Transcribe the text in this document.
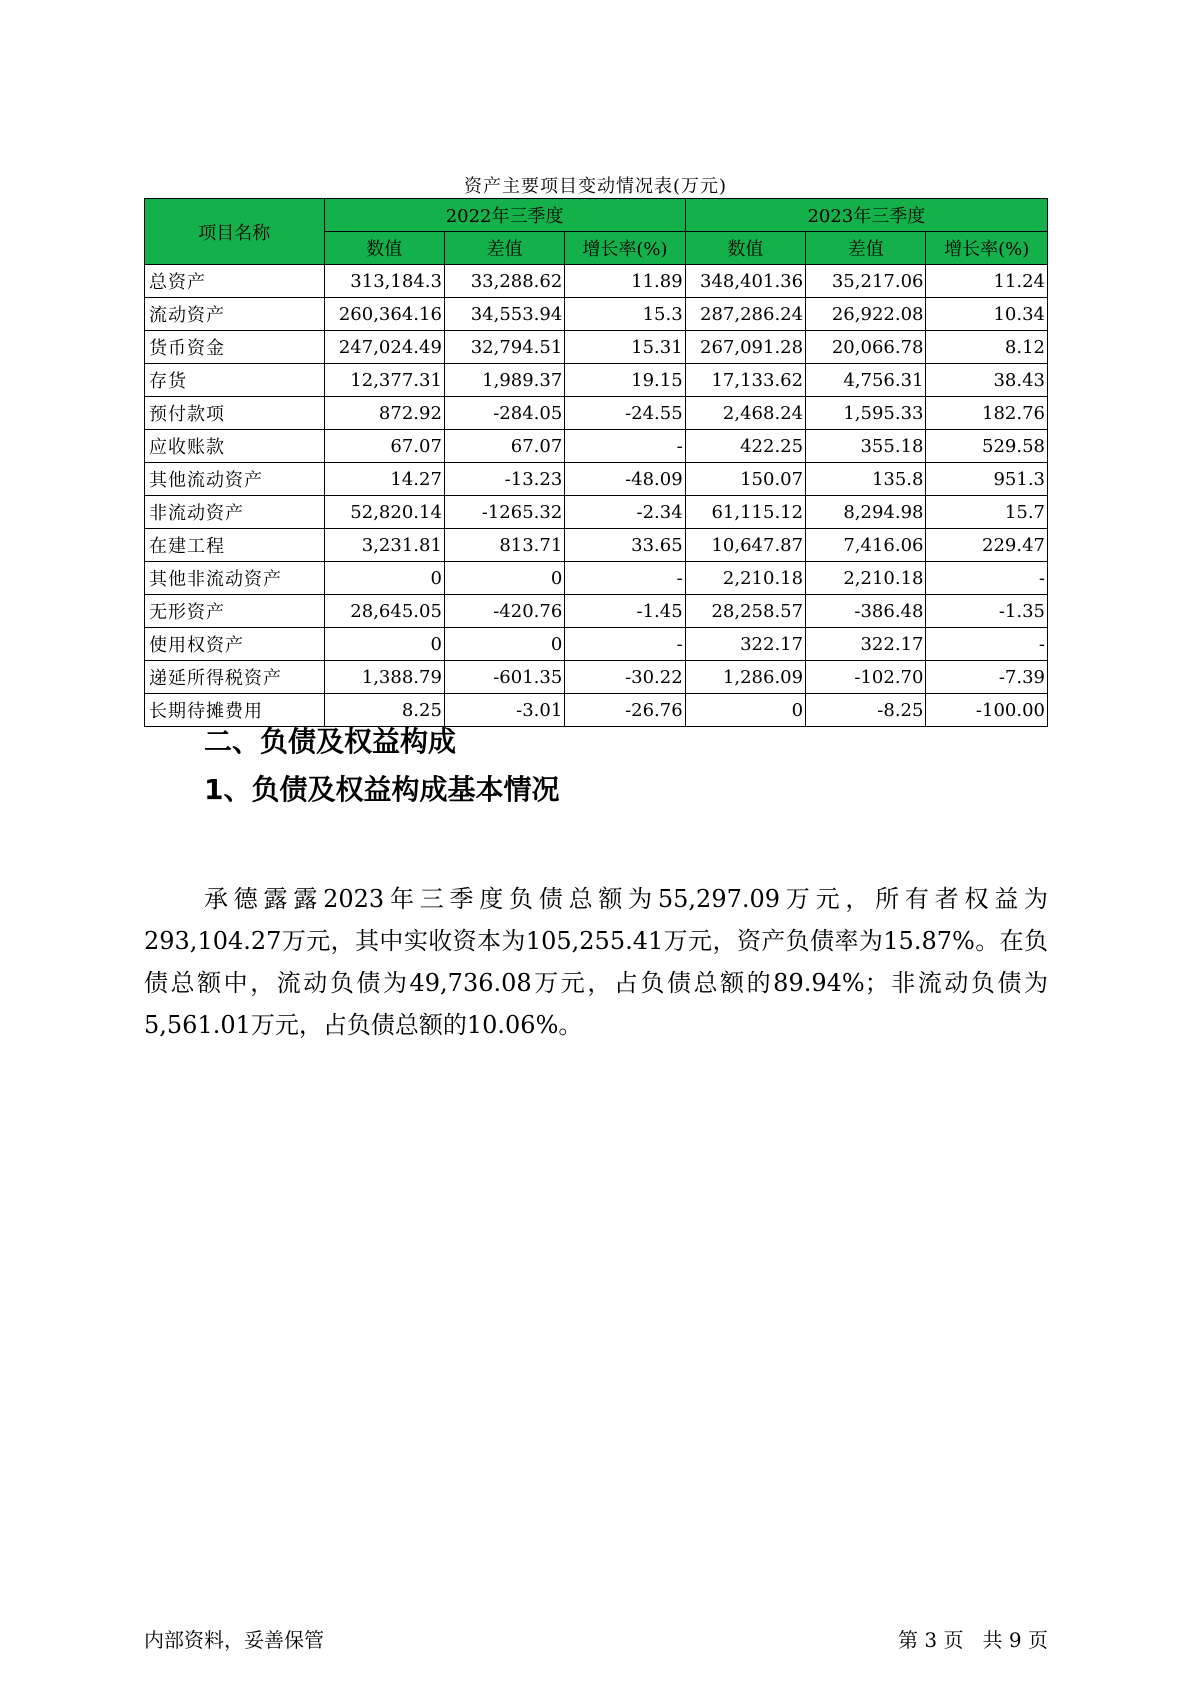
资产主要项目变动情况表(万元)
项目名称	2022年三季度			2023年三季度		
	数值	差值	增长率(%)	数值	差值	增长率(%)
总资产	313,184.3	33,288.62	11.89	348,401.36	35,217.06	11.24
流动资产	260,364.16	34,553.94	15.3	287,286.24	26,922.08	10.34
货币资金	247,024.49	32,794.51	15.31	267,091.28	20,066.78	8.12
存货	12,377.31	1,989.37	19.15	17,133.62	4,756.31	38.43
预付款项	872.92	-284.05	-24.55	2,468.24	1,595.33	182.76
应收账款	67.07	67.07	-	422.25	355.18	529.58
其他流动资产	14.27	-13.23	-48.09	150.07	135.8	951.3
非流动资产	52,820.14	-1265.32	-2.34	61,115.12	8,294.98	15.7
在建工程	3,231.81	813.71	33.65	10,647.87	7,416.06	229.47
其他非流动资产	0	0	-	2,210.18	2,210.18	-
无形资产	28,645.05	-420.76	-1.45	28,258.57	-386.48	-1.35
使用权资产	0	0	-	322.17	322.17	-
递延所得税资产	1,388.79	-601.35	-30.22	1,286.09	-102.70	-7.39
长期待摊费用	8.25	-3.01	-26.76	0	-8.25	-100.00
二、负债及权益构成
1、负债及权益构成基本情况
承德露露2023年三季度负债总额为55,297.09万元，所有者权益为293,104.27万元，其中实收资本为105,255.41万元，资产负债率为15.87%。在负债总额中，流动负债为49,736.08万元，占负债总额的89.94%；非流动负债为5,561.01万元，占负债总额的10.06%。
内部资料，妥善保管	第 3 页   共 9 页
